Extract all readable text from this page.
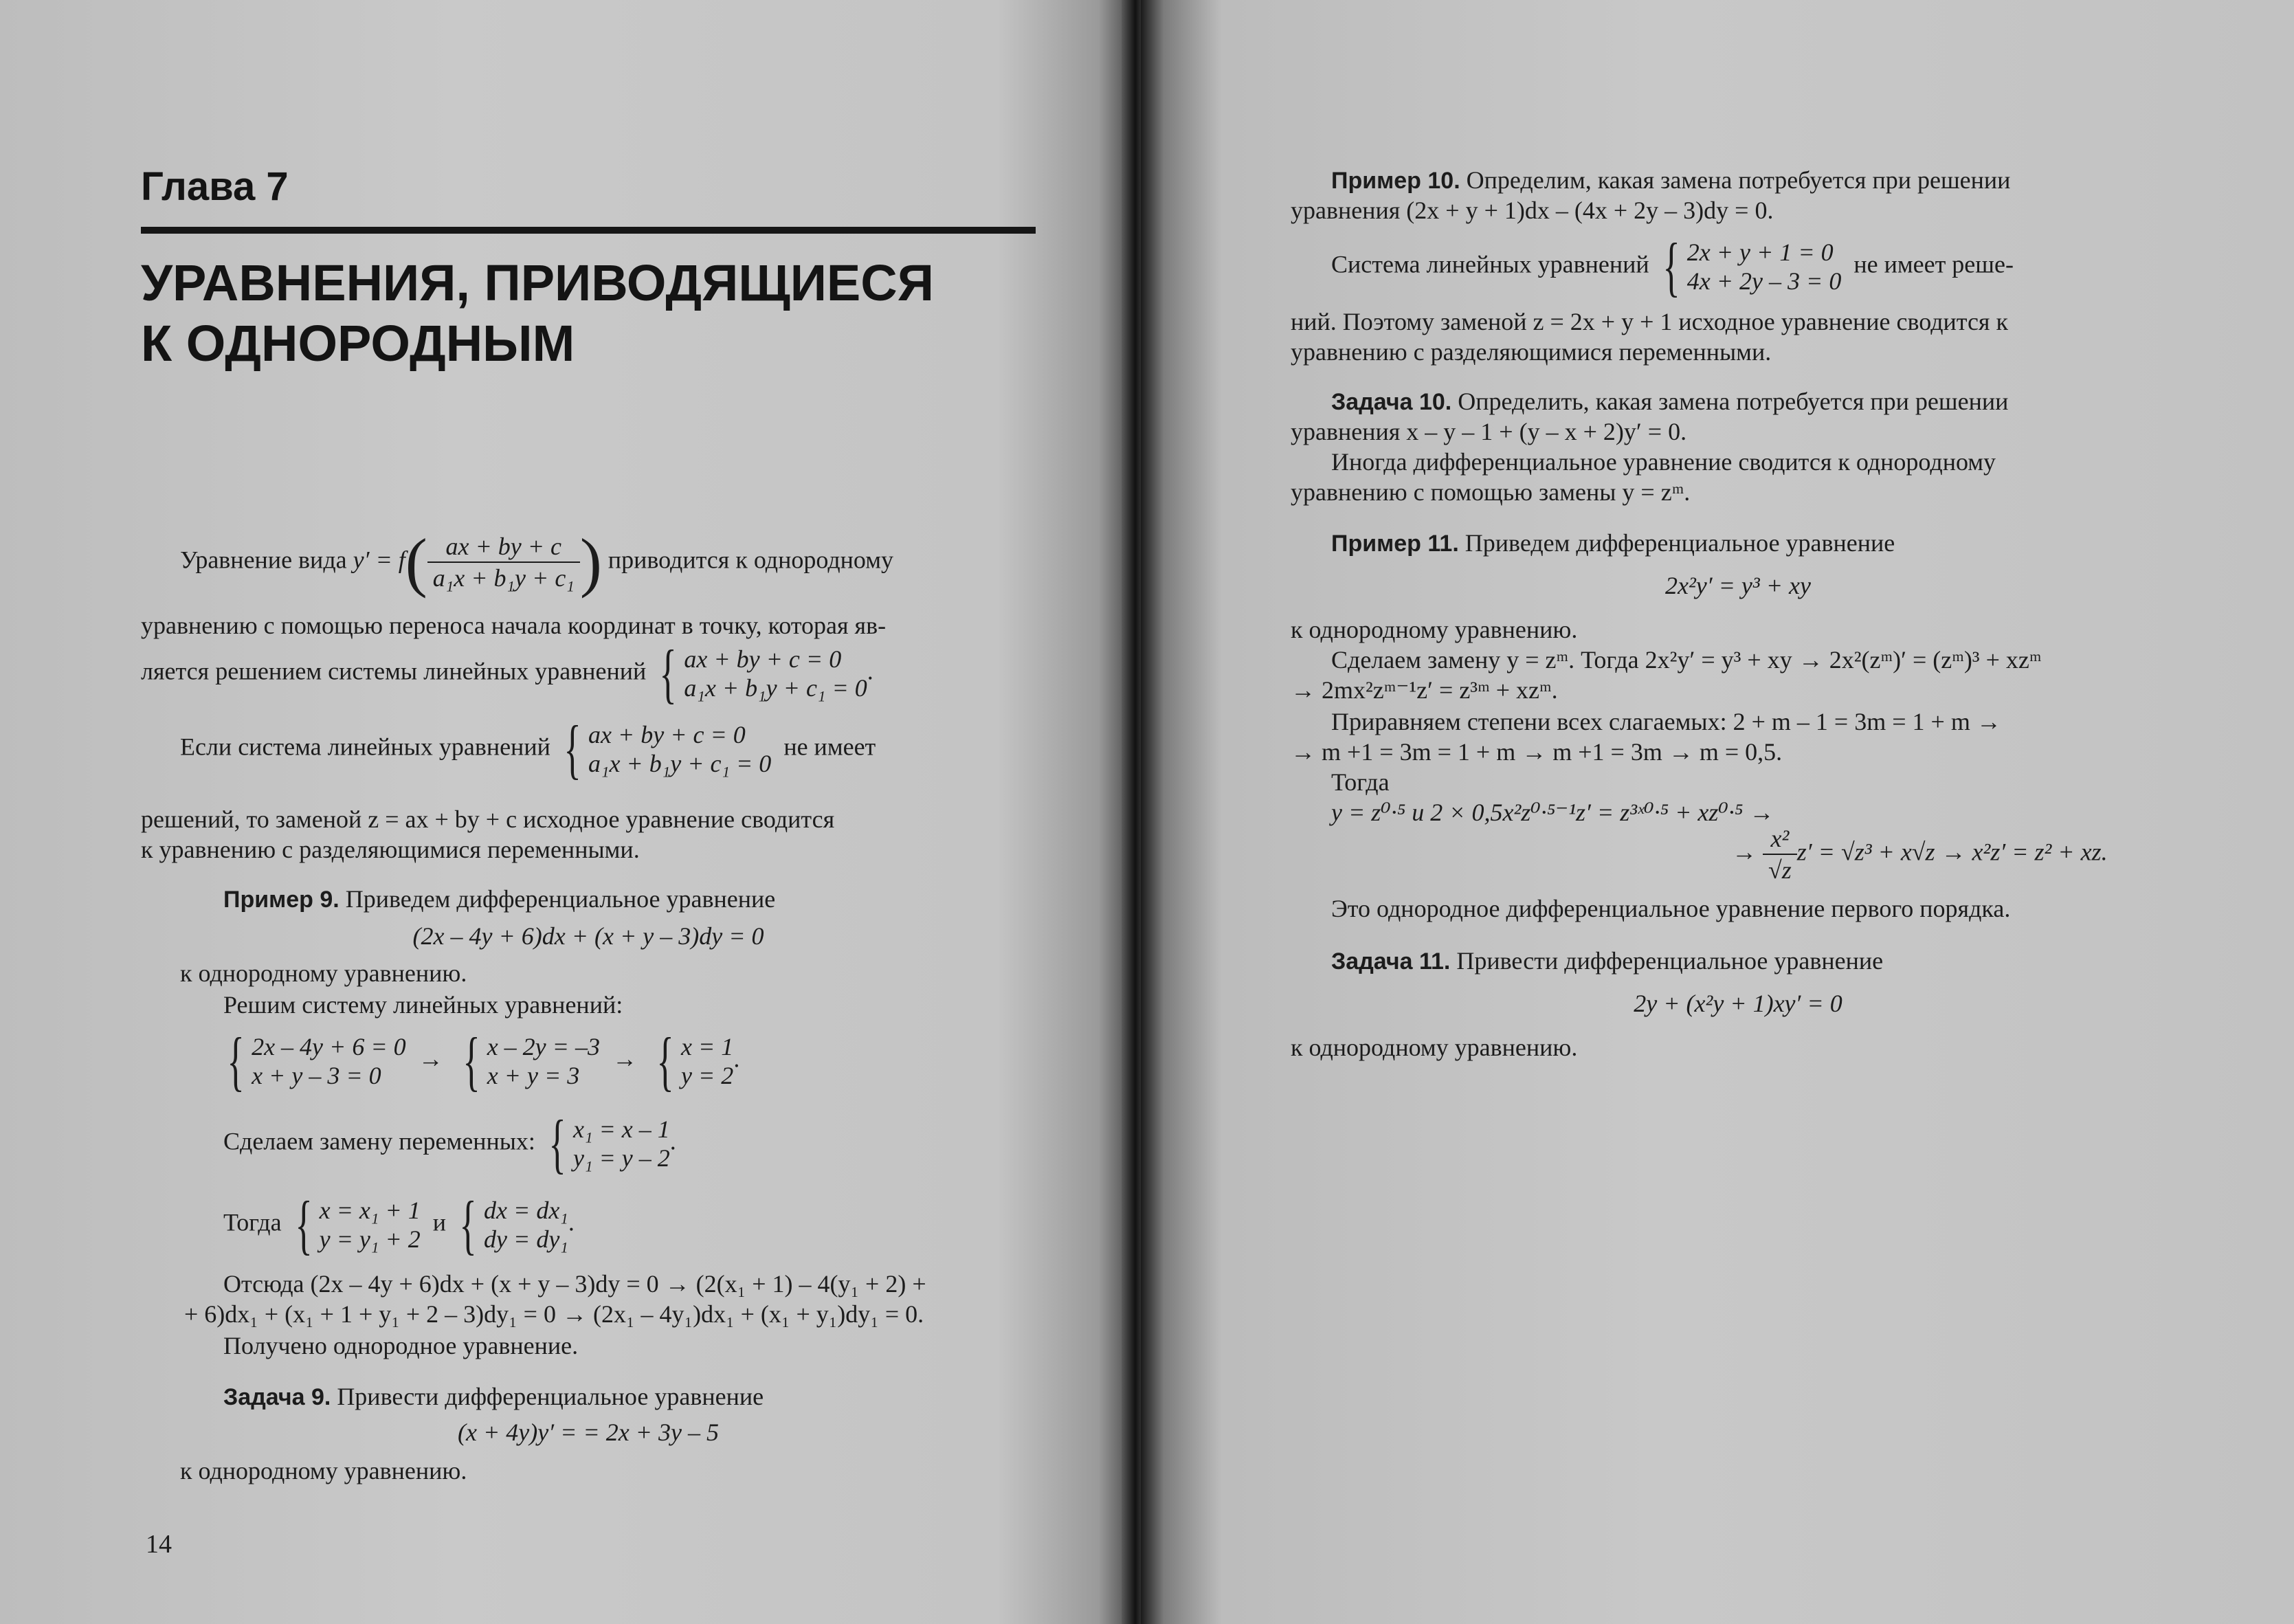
Глава 7
УРАВНЕНИЯ, ПРИВОДЯЩИЕСЯ
К ОДНОРОДНЫМ
Уравнение вида $y' = f( \frac{ax + by + c}{\text{a₁x + b₁y + c₁}}$ ) приводится к однородному
уравнению с помощью переноса начала координат в точку, которая яв-
ляется решением системы линейных уравнений { ax + by + c = 0
a₁x + b₁y + c₁ = 0.
Если система линейных уравнений { ax + by + c = 0
a₁x + b₁y + c₁ = 0  не имеет
решений, то заменой z = ax + by + c исходное уравнение сводится
к уравнению с разделяющимися переменными.
Пример 9. Приведем дифференциальное уравнение
(2x – 4y + 6)dx + (x + y – 3)dy = 0
к однородному уравнению.
Решим систему линейных уравнений:
{ 2x – 4y + 6 = 0
x + y – 3 = 0  → { x – 2y = –3
x + y = 3  → { x = 1
y = 2.
Сделаем замену переменных: { x₁ = x – 1
y₁ = y – 2.
Тогда { x = x₁ + 1
y = y₁ + 2  и { dx = dx₁
dy = dy₁.
Отсюда (2x – 4y + 6)dx + (x + y – 3)dy = 0 → (2(x₁ + 1) – 4(y₁ + 2) +
+ 6)dx₁ + (x₁ + 1 + y₁ + 2 – 3)dy₁ = 0 → (2x₁ – 4y₁)dx₁ + (x₁ + y₁)dy₁ = 0.
Получено однородное уравнение.
Задача 9. Привести дифференциальное уравнение
(x + 4y)y′ = = 2x + 3y – 5
к однородному уравнению.
14
Пример 10. Определим, какая замена потребуется при решении
уравнения (2x + y + 1)dx – (4x + 2y – 3)dy = 0.
Система линейных уравнений { 2x + y + 1 = 0
4x + 2y – 3 = 0  не имеет реше-
ний. Поэтому заменой z = 2x + y + 1 исходное уравнение сводится к
уравнению с разделяющимися переменными.
Задача 10. Определить, какая замена потребуется при решении
уравнения x – y – 1 + (y – x + 2)y′ = 0.
Иногда дифференциальное уравнение сводится к однородному
уравнению с помощью замены y = zᵐ.
Пример 11. Приведем дифференциальное уравнение
2x²y′ = y³ + xy
к однородному уравнению.
Сделаем замену y = zᵐ. Тогда 2x²y′ = y³ + xy → 2x²(zᵐ)′ = (zᵐ)³ + xzᵐ
→ 2mx²zᵐ⁻¹z′ = z³ᵐ + xzᵐ.
Приравняем степени всех слагаемых: 2 + m – 1 = 3m = 1 + m →
→ m +1 = 3m = 1 + m → m +1 = 3m → m = 0,5.
Тогда
y = z⁰·⁵ и 2 × 0,5x²z⁰·⁵⁻¹z′ = z³ˣ⁰·⁵ + xz⁰·⁵ →
→ $\frac{\text{x²}}{√z} z' = √z^3 + x√z \to x^2z' = z^2$ + xz.
Это однородное дифференциальное уравнение первого порядка.
Задача 11. Привести дифференциальное уравнение
2y + (x²y + 1)xy′ = 0
к однородному уравнению.
